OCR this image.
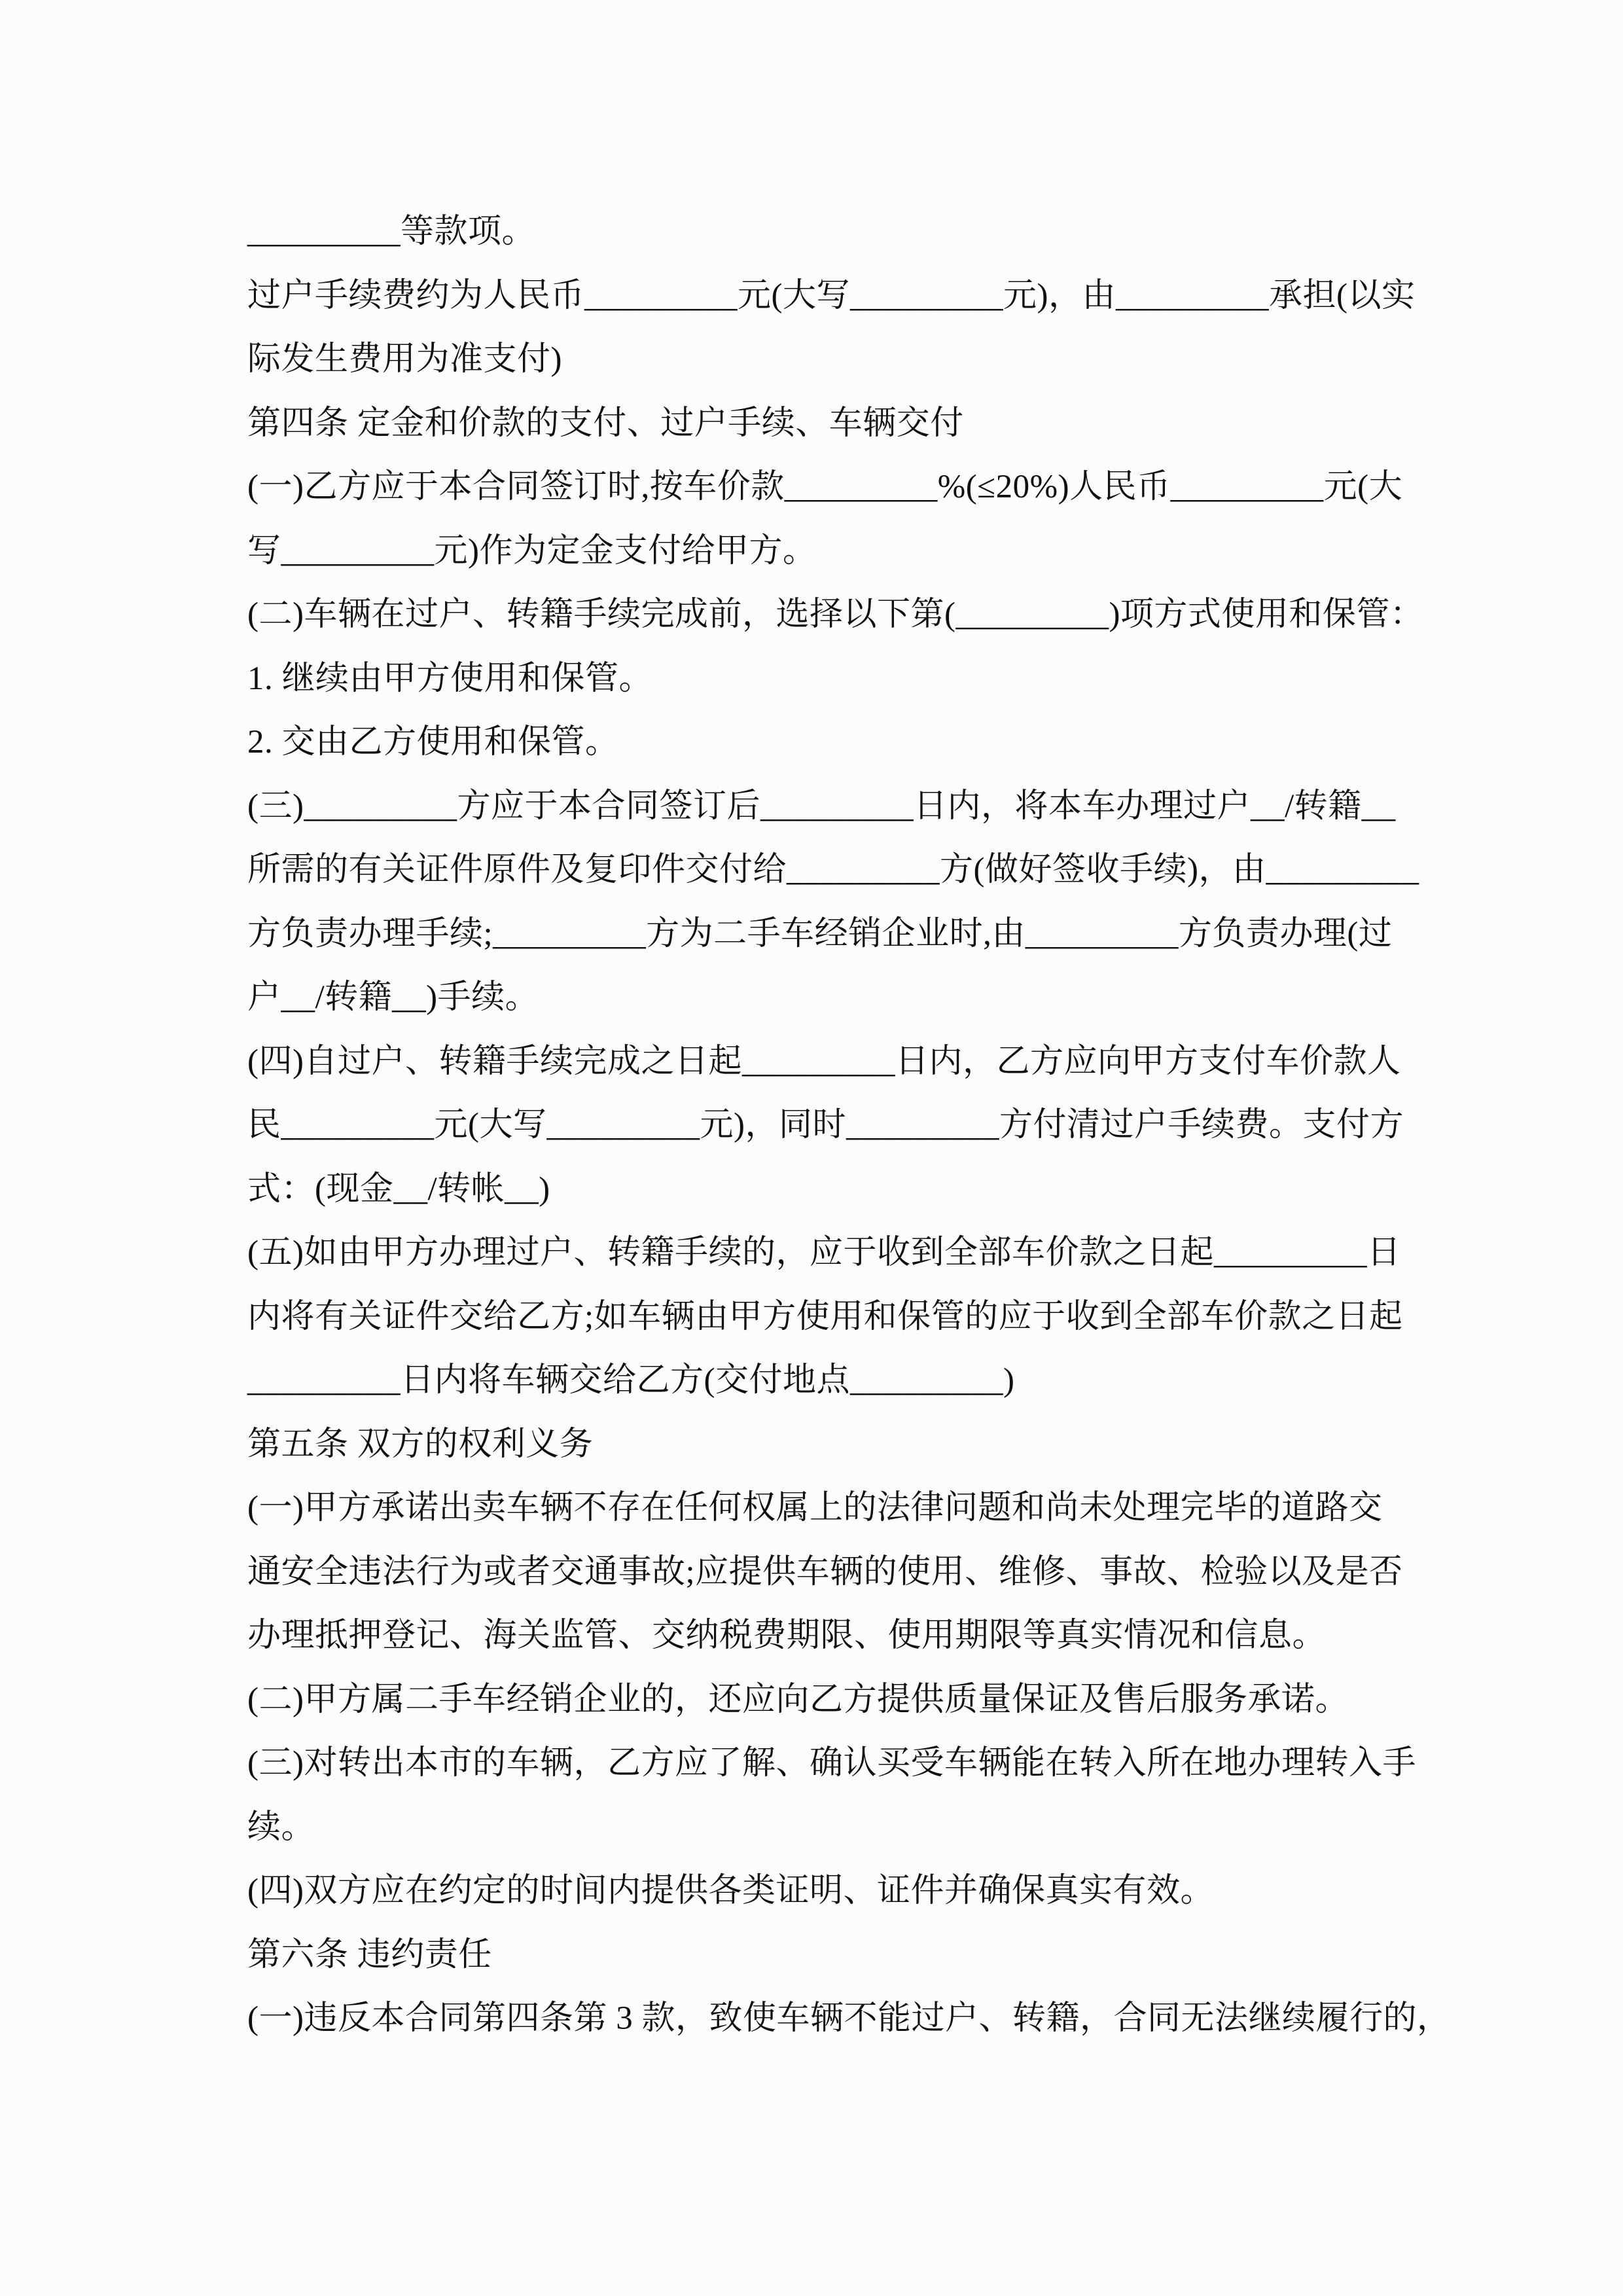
_________等款项。

过户手续费约为人民币_________元(大写_________元)，由_________承担(以实

际发生费用为准支付)

第四条 定金和价款的支付、过户手续、车辆交付

(一)乙方应于本合同签订时,按车价款_________%(≤20%)人民币_________元(大

写_________元)作为定金支付给甲方。

(二)车辆在过户、转籍手续完成前，选择以下第(_________)项方式使用和保管：

1. 继续由甲方使用和保管。

2. 交由乙方使用和保管。

(三)_________方应于本合同签订后_________日内，将本车办理过户__/转籍__

所需的有关证件原件及复印件交付给_________方(做好签收手续)，由_________

方负责办理手续;_________方为二手车经销企业时,由_________方负责办理(过

户__/转籍__)手续。

(四)自过户、转籍手续完成之日起_________日内，乙方应向甲方支付车价款人

民_________元(大写_________元)，同时_________方付清过户手续费。支付方

式：(现金__/转帐__)

(五)如由甲方办理过户、转籍手续的，应于收到全部车价款之日起_________日

内将有关证件交给乙方;如车辆由甲方使用和保管的应于收到全部车价款之日起

_________日内将车辆交给乙方(交付地点_________)

第五条 双方的权利义务

(一)甲方承诺出卖车辆不存在任何权属上的法律问题和尚未处理完毕的道路交

通安全违法行为或者交通事故;应提供车辆的使用、维修、事故、检验以及是否

办理抵押登记、海关监管、交纳税费期限、使用期限等真实情况和信息。

(二)甲方属二手车经销企业的，还应向乙方提供质量保证及售后服务承诺。

(三)对转出本市的车辆，乙方应了解、确认买受车辆能在转入所在地办理转入手

续。

(四)双方应在约定的时间内提供各类证明、证件并确保真实有效。

第六条 违约责任

(一)违反本合同第四条第 3 款，致使车辆不能过户、转籍，合同无法继续履行的，
